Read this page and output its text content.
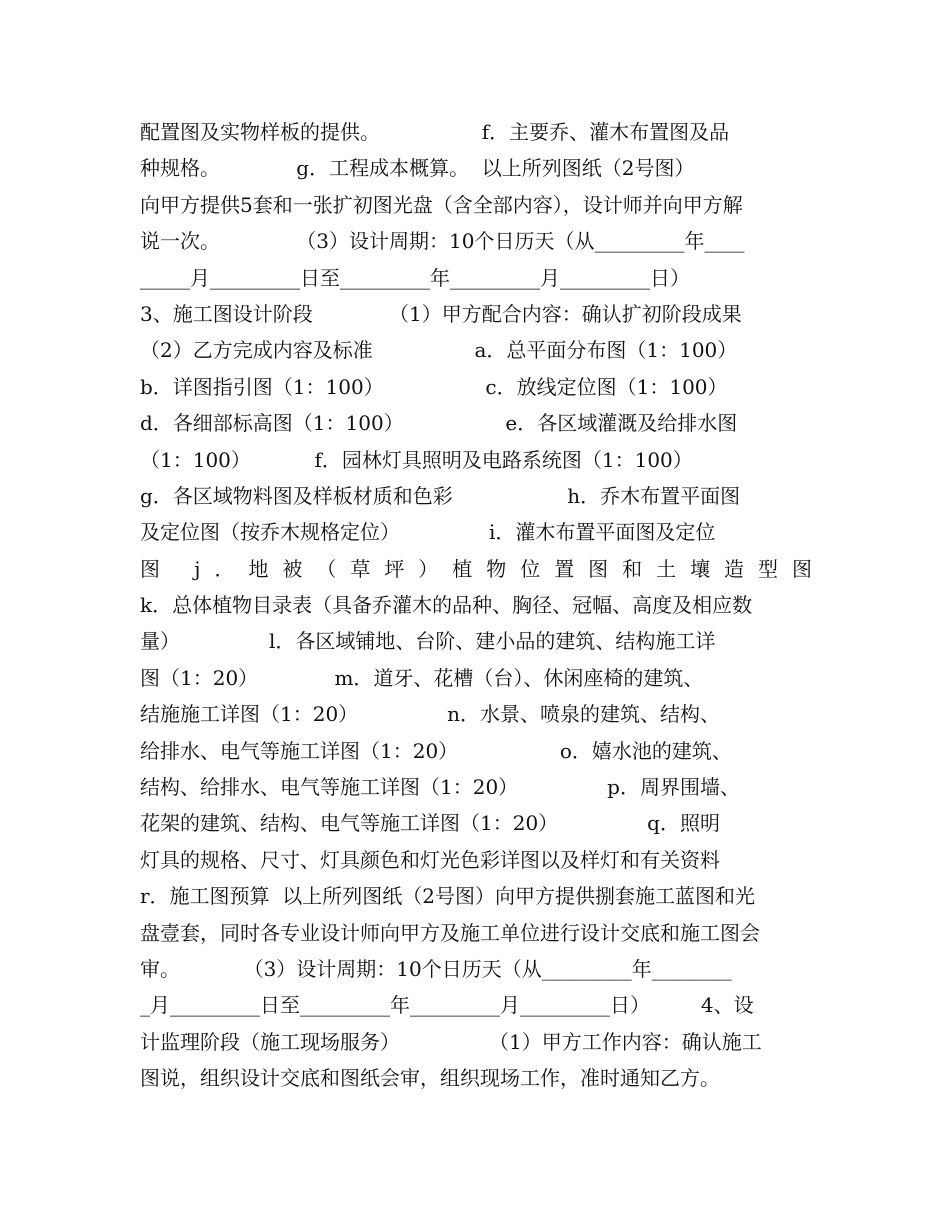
配置图及实物样板的提供。                f．主要乔、灌木布置图及品
种规格。            g．工程成本概算。  以上所列图纸（2号图）
向甲方提供5套和一张扩初图光盘（含全部内容），设计师并向甲方解
说一次。            （3）设计周期：10个日历天（从_________年____
_____月_________日至_________年_________月_________日）
3、施工图设计阶段            （1）甲方配合内容：确认扩初阶段成果
（2）乙方完成内容及标准                a．总平面分布图（1：100）
b．详图指引图（1：100）                c．放线定位图（1：100）
d．各细部标高图（1：100）                e．各区域灌溉及给排水图
（1：100）          f．园林灯具照明及电路系统图（1：100）
g．各区域物料图及样板材质和色彩                  h．乔木布置平面图
及定位图（按乔木规格定位）              i．灌木布置平面图及定位
图 j．地被（草坪）植物位置图和土壤造型图
k．总体植物目录表（具备乔灌木的品种、胸径、冠幅、高度及相应数
量）              l．各区域铺地、台阶、建小品的建筑、结构施工详
图（1：20）            m．道牙、花槽（台）、休闲座椅的建筑、
结施施工详图（1：20）              n．水景、喷泉的建筑、结构、
给排水、电气等施工详图（1：20）                o．嬉水池的建筑、
结构、给排水、电气等施工详图（1：20）              p．周界围墙、
花架的建筑、结构、电气等施工详图（1：20）              q．照明
灯具的规格、尺寸、灯具颜色和灯光色彩详图以及样灯和有关资料
r．施工图预算  以上所列图纸（2号图）向甲方提供捌套施工蓝图和光
盘壹套，同时各专业设计师向甲方及施工单位进行设计交底和施工图会
审。          （3）设计周期：10个日历天（从_________年________
_月_________日至_________年_________月_________日）        4、设
计监理阶段（施工现场服务）              （1）甲方工作内容：确认施工
图说，组织设计交底和图纸会审，组织现场工作，准时通知乙方。
